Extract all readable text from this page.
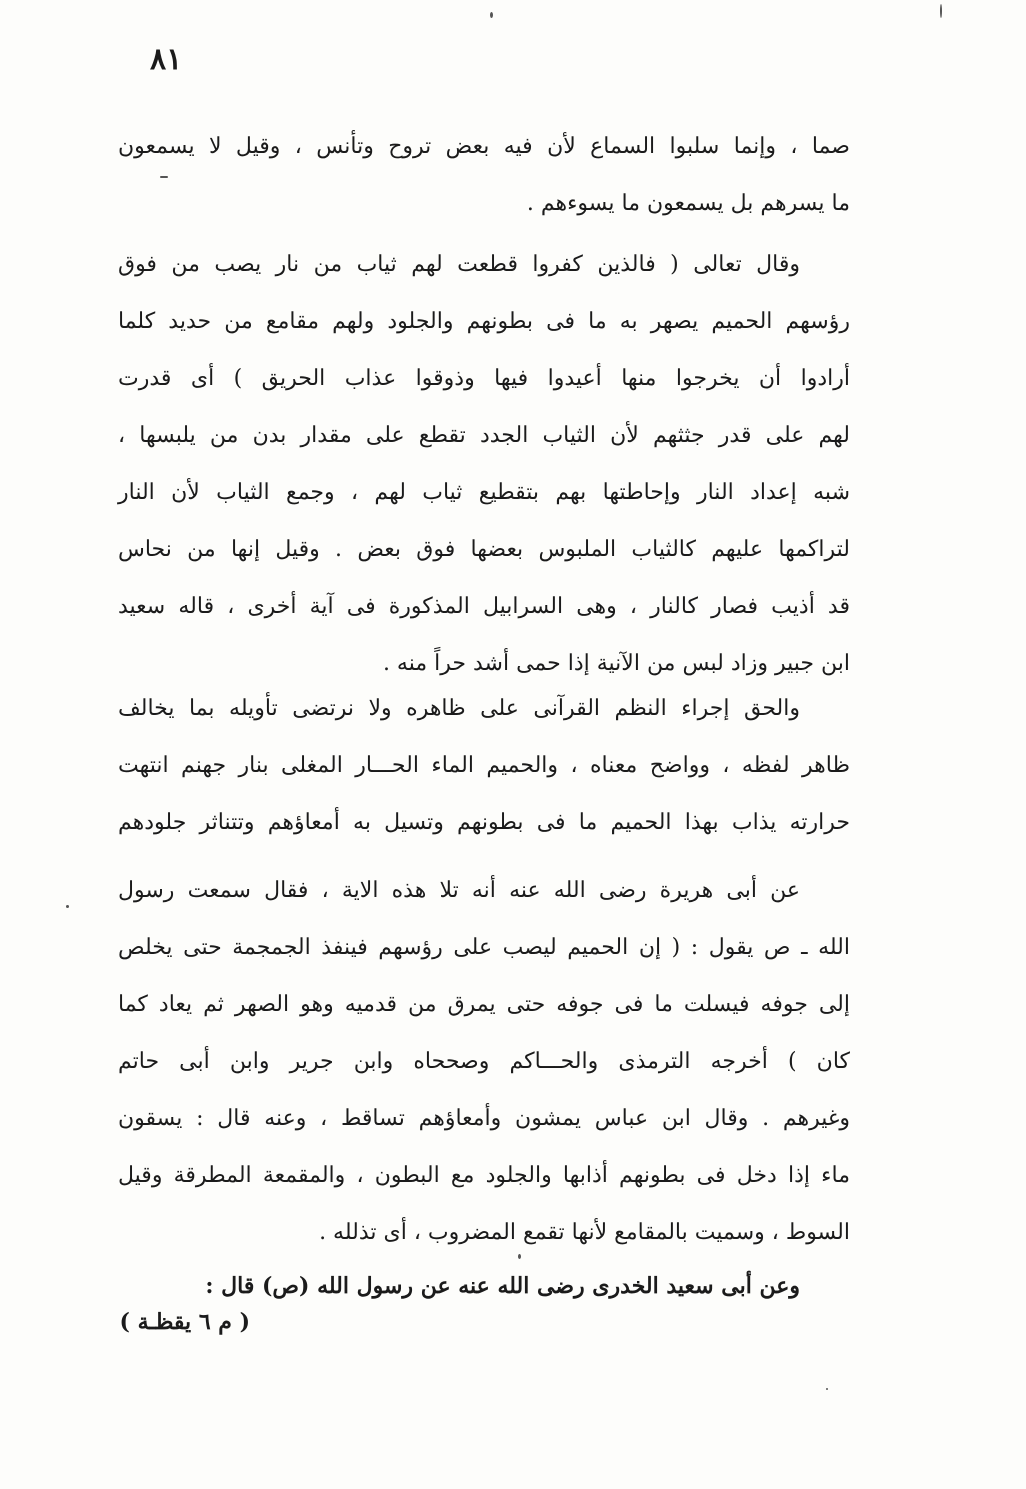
٨١
صما ، وإنما سلبوا السماع لأن فيه بعض تروح وتأنس ، وقيل لا يسمعون
ما يسرهم بل يسمعون ما يسوءهم .
وقال تعالى ( فالذين كفروا قطعت لهم ثياب من نار يصب من فوق
رؤسهم الحميم يصهر به ما فى بطونهم والجلود ولهم مقامع من حديد كلما
أرادوا أن يخرجوا منها أعيدوا فيها وذوقوا عذاب الحريق ) أى قدرت
لهم على قدر جثثهم لأن الثياب الجدد تقطع على مقدار بدن من يلبسها ،
شبه إعداد النار وإحاطتها بهم بتقطيع ثياب لهم ، وجمع الثياب لأن النار
لتراكمها عليهم كالثياب الملبوس بعضها فوق بعض . وقيل إنها من نحاس
قد أذيب فصار كالنار ، وهى السرابيل المذكورة فى آية أخرى ، قاله سعيد
ابن جبير وزاد لبس من الآنية إذا حمى أشد حراً منه .
والحق إجراء النظم القرآنى على ظاهره ولا نرتضى تأويله بما يخالف
ظاهر لفظه ، وواضح معناه ، والحميم الماء الحـــار المغلى بنار جهنم انتهت
حرارته يذاب بهذا الحميم ما فى بطونهم وتسيل به أمعاؤهم وتتناثر جلودهم
عن أبى هريرة رضى الله عنه أنه تلا هذه الاية ، فقال سمعت رسول
الله ـ ص يقول : ( إن الحميم ليصب على رؤسهم فينفذ الجمجمة حتى يخلص
إلى جوفه فيسلت ما فى جوفه حتى يمرق من قدميه وهو الصهر ثم يعاد كما
كان ) أخرجه الترمذى والحـــاكم وصححاه وابن جرير وابن أبى حاتم
وغيرهم . وقال ابن عباس يمشون وأمعاؤهم تساقط ، وعنه قال : يسقون
ماء إذا دخل فى بطونهم أذابها والجلود مع البطون ، والمقمعة المطرقة وقيل
السوط ، وسميت بالمقامع لأنها تقمع المضروب ، أى تذلله .
وعن أبى سعيد الخدرى رضى الله عنه عن رسول الله (ص) قال :
( م ٦ يقظـة )
